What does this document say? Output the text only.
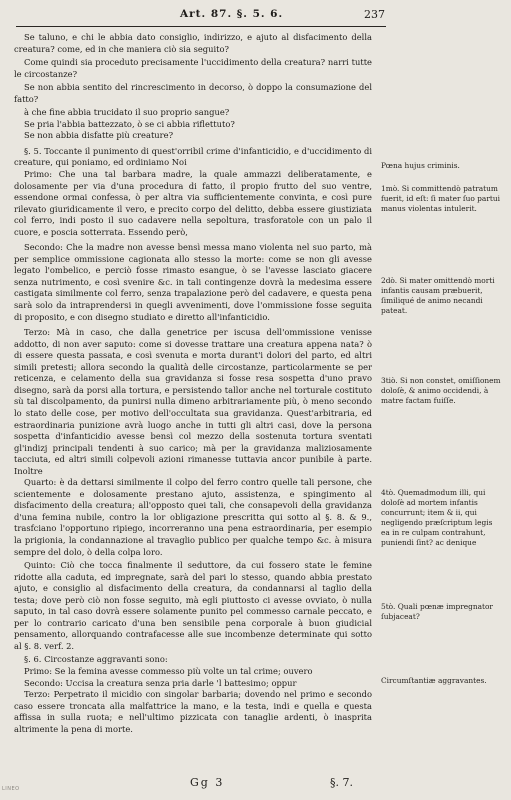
Art. 87. §. 5. 6.	237

Se taluno, e chi le abbia dato consiglio, indirizzo, e ajuto al disfacimento della creatura? come, ed in che maniera ciò sia seguito?

Come quindi sia proceduto precisamente l'uccidimento della creatura? narri tutte le circostanze?

Se non abbia sentito del rincrescimento in decorso, ò doppo la consumazione del fatto?

à che fine abbia trucidato il suo proprio sangue?

Se pria l'abbia battezzato, ò se ci abbia riflettuto?

Se non abbia disfatte più creature?

§. 5. Toccante il punimento di quest'orribil crime d'infanticidio, e d'uccidimento di creature, qui poniamo, ed ordiniamo Noi

Primo: Che una tal barbara madre, la quale ammazzi deliberatamente, e dolosamente per via d'una procedura di fatto, il propio frutto del suo ventre, essendone ormai confessa, ò per altra via sufficientemente convinta, e così pure rilevato giuridicamente il vero, e precito corpo del delitto, debba essere giustiziata col ferro, indi posto il suo cadavere nella sepoltura, trasforatole con un palo il cuore, e poscia sotterrata. Essendo però,

Secondo: Che la madre non avesse bensì messa mano violenta nel suo parto, mà per semplice ommissione cagionata allo stesso la morte: come se non gli avesse legato l'ombelico, e perciò fosse rimasto esangue, ò se l'avesse lasciato giacere senza nutrimento, e così svenire &c. in tali contingenze dovrà la medesima essere castigata similmente col ferro, senza trapalazione però del cadavere, e questa pena sarà solo da intraprendersi in quegli avvenimenti, dove l'ommissione fosse seguita di proposito, e con disegno studiato e diretto all'infanticidio.

Terzo: Mà in caso, che dalla genetrice per iscusa dell'ommissione venisse addotto, di non aver saputo: come si dovesse trattare una creatura appena nata? ò di essere questa passata, e così svenuta e morta durant'i dolori del parto, ed altri simili pretesti; allora secondo la qualità delle circostanze, particolarmente se per reticenza, e celamento della sua gravidanza si fosse resa sospetta d'uno pravo disegno, sarà da porsi alla tortura, e persistendo tallor anche nel torturale costituto sù tal discolpamento, da punirsi nulla dimeno arbitrariamente più, ò meno secondo lo stato delle cose, per motivo dell'occultata sua gravidanza. Quest'arbitraria, ed estraordinaria punizione avrà luogo anche in tutti gli altri casi, dove la persona sospetta d'infanticidio avesse bensì col mezzo della sostenuta tortura sventati gl'indizj principali tendenti à suo carico; mà per la gravidanza maliziosamente tacciuta, ed altri simili colpevoli azioni rimanesse tuttavia ancor punibile à parte. Inoltre

Quarto: è da dettarsi similmente il colpo del ferro contro quelle tali persone, che scientemente e dolosamente prestano ajuto, assistenza, e spingimento al disfacimento della creatura; all'opposto quei tali, che consapevoli della gravidanza d'una femina nubile, contro la lor obligazione prescritta qui sotto al §. 8. & 9., trasfciano l'opportuno ripiego, incorreranno una pena estraordinaria, per esempio la prigionia, la condannazione al travaglio publico per qualche tempo &c. à misura sempre del dolo, ò della colpa loro.

Quinto: Ciò che tocca finalmente il seduttore, da cui fossero state le femine ridotte alla caduta, ed impregnate, sarà del pari lo stesso, quando abbia prestato ajuto, e consiglio al disfacimento della creatura, da condannarsi al taglio della testa; dove però ciò non fosse seguito, mà egli piuttosto ci avesse ovviato, ò nulla saputo, in tal caso dovrà essere solamente punito pel commesso carnale peccato, e per lo contrario caricato d'una ben sensibile pena corporale à buon giudicial pensamento, allorquando contrafacesse alle sue incombenze determinate qui sotto al §. 8. verf. 2.

§. 6. Circostanze aggravanti sono:

Primo: Se la femina avesse commesso più volte un tal crime; ouvero

Secondo: Uccisa la creatura senza pria darle 'l battesimo; oppur

Terzo: Perpetrato il micidio con singolar barbaria; dovendo nel primo e secondo caso essere troncata alla malfattrice la mano, e la testa, indi e quella e questa affissa in sulla ruota; e nell'ultimo pizzicata con tanaglie ardenti, ò inasprita altrimente la pena di morte.

Pœna hujus criminis.
1mò. Si committendò patratum fuerit, id eſt: ſi mater ſuo partui manus violentas intulerit.
2dò. Si mater omittendò morti infantis causam præbuerit, ſimiliqué de animo necandi pateat.
3tiò. Si non constet, omiſſionem doloſè, & animo occidendi, à matre factam fuiſſe.
4tò. Quemadmodum illi, qui doloſè ad mortem infantis concurrunt; item & ii, qui negligendo præſcriptum legis ea in re culpam contrahunt, puniendi ſint? ac denique
5tò. Quali pœnæ impregnator ſubjaceat?
Circumſtantiæ aggravantes.
Gg 3	§. 7.
LINEO
